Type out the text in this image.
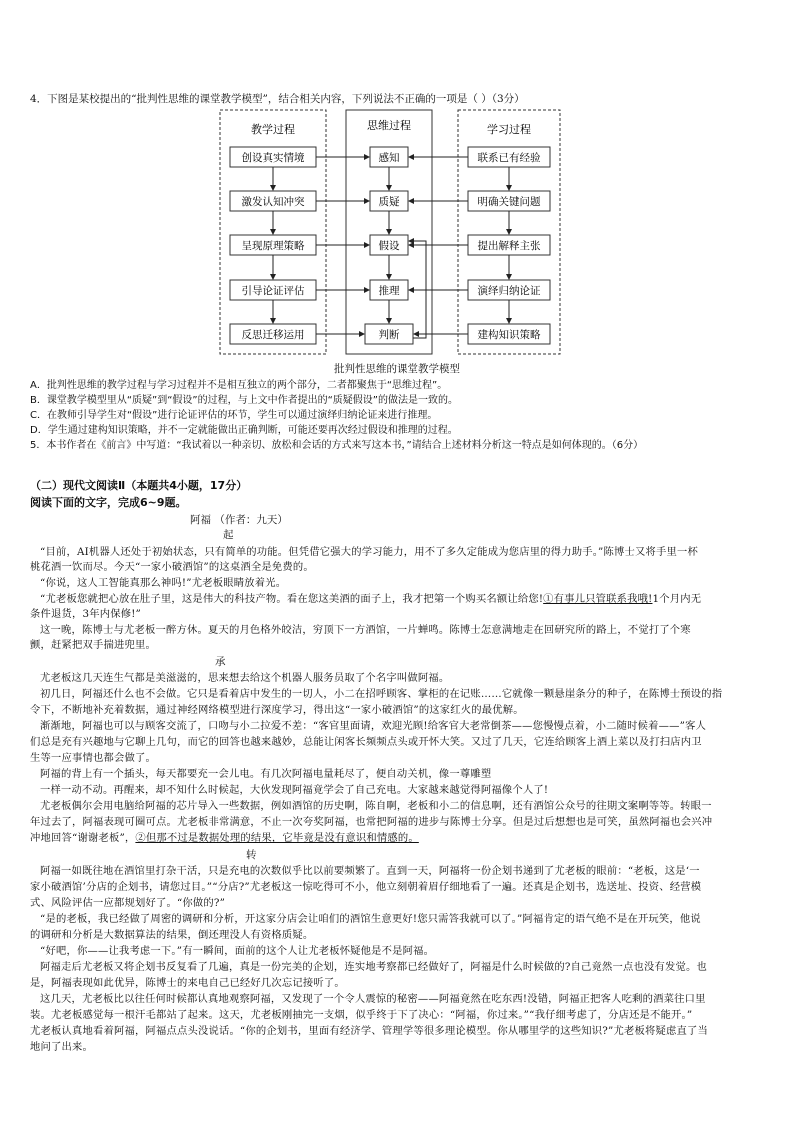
4．下图是某校提出的“批判性思维的课堂教学模型”，结合相关内容，下列说法不正确的一项是（ ）（3分）
教学过程	思维过程	学习过程
创设真实情境
激发认知冲突
呈现原理策略
引导论证评估
反思迁移运用
感知
质疑
假设
推理
判断
联系已有经验
明确关键问题
提出解释主张
演绎归纳论证
建构知识策略
批判性思维的课堂教学模型
A．批判性思维的教学过程与学习过程并不是相互独立的两个部分，二者都聚焦于“思维过程”。
B．课堂教学模型里从“质疑”到“假设”的过程，与上文中作者提出的“质疑假设”的做法是一致的。
C．在教师引导学生对“假设”进行论证评估的环节，学生可以通过演绎归纳论证来进行推理。
D．学生通过建构知识策略，并不一定就能做出正确判断，可能还要再次经过假设和推理的过程。
5．本书作者在《前言》中写道：“我试着以一种亲切、放松和会话的方式来写这本书，”请结合上述材料分析这一特点是如何体现的。（6分）
（二）现代文阅读Ⅱ（本题共4小题，17分）
阅读下面的文字，完成6~9题。
阿福 （作者：九天）
起
“目前，AI机器人还处于初始状态，只有简单的功能。但凭借它强大的学习能力，用不了多久定能成为您店里的得力助手。”陈博士又将手里一杯
桃花酒一饮而尽。今天“一家小破酒馆”的这桌酒全是免费的。
“你说，这人工智能真那么神吗!”尤老板眼睛放着光。
“尤老板您就把心放在肚子里，这是伟大的科技产物。看在您这美酒的面子上，我才把第一个购买名额让给您!①有事儿只管联系我哦!1个月内无
条件退货，3年内保修!”
这一晚，陈博士与尤老板一醉方休。夏天的月色格外皎洁，穷顶下一方酒馆，一片蝉鸣。陈博士怎意满地走在回研究所的路上，不觉打了个寒
颤，赶紧把双手揣进兜里。
承
尤老板这几天连生气都是美滋滋的，思来想去给这个机器人服务员取了个名字叫做阿福。
初几日，阿福还什么也不会做。它只是看着店中发生的一切人，小二在招呼顾客、掌柜的在记账……它就像一颗悬崖条分的种子，在陈博士预设的指
令下，不断地补充着数据，通过神经网络模型进行深度学习，得出这“一家小破酒馆”的这家红火的最优解。
渐渐地，阿福也可以与顾客交流了，口吻与小二拉爱不差：“客官里面请，欢迎光顾!给客官大老常倒茶——您慢慢点着，小二随时候着——”客人
们总是充有兴趣地与它聊上几句，而它的回答也越来越妙，总能让闲客长频频点头或开怀大笑。又过了几天，它连给顾客上酒上菜以及打扫店内卫
生等一应事情也都会做了。
阿福的背上有一个插头，每天都要充一会儿电。有几次阿福电量耗尽了，便自动关机，像一尊雕塑
一样一动不动。再醒来，却不知什么时候起，大伙发现阿福竟学会了自己充电。大家越来越觉得阿福像个人了!
尤老板偶尔会用电脑给阿福的芯片导入一些数据，例如酒馆的历史啊，陈自啊，老板和小二的信息啊，还有酒馆公众号的往期文案啊等等。转眼一
年过去了，阿福表现可圈可点。尤老板非常满意，不止一次夸奖阿福，也常把阿福的进步与陈博士分享。但是过后想想也是可笑，虽然阿福也会兴冲
冲地回答“谢谢老板”，②但那不过是数据处理的结果，它毕竟是没有意识和情感的。
转
阿福一如既往地在酒馆里打杂干活，只是充电的次数似乎比以前要频繁了。直到一天，阿福将一份企划书递到了尤老板的眼前：“老板，这是‘一
家小破酒馆’分店的企划书，请您过目。”“分店?”尤老板这一惊吃得可不小，他立刻朝着眉仔细地看了一遍。还真是企划书，选送址、投资、经营模
式、风险评估一应都规划好了。“你做的?”
“是的老板，我已经做了周密的调研和分析，开这家分店会让咱们的酒馆生意更好!您只需答我就可以了。”阿福肯定的语气绝不是在开玩笑，他说
的调研和分析是大数据算法的结果，倒还理没人有资格质疑。
“好吧，你——让我考虑一下。”有一瞬间，面前的这个人让尤老板怀疑他是不是阿福。
阿福走后尤老板又将企划书反复看了几遍，真是一份完美的企划，连实地考察都已经做好了，阿福是什么时候做的?自己竟然一点也没有发觉。也
是，阿福表现如此优异，陈博士的来电自己已经好几次忘记接听了。
这几天，尤老板比以往任何时候都认真地观察阿福，又发现了一个令人震惊的秘密——阿福竟然在吃东西!没错，阿福正把客人吃剩的酒菜往口里
装。尤老板感觉每一根汗毛都站了起来。这天，尤老板刚抽完一支烟，似乎终于下了决心：“阿福，你过来。”“我仔细考虑了，分店还是不能开。”
尤老板认真地看着阿福，阿福点点头没说话。“你的企划书，里面有经济学、管理学等很多理论模型。你从哪里学的这些知识?”尤老板将疑虑直了当
地问了出来。
